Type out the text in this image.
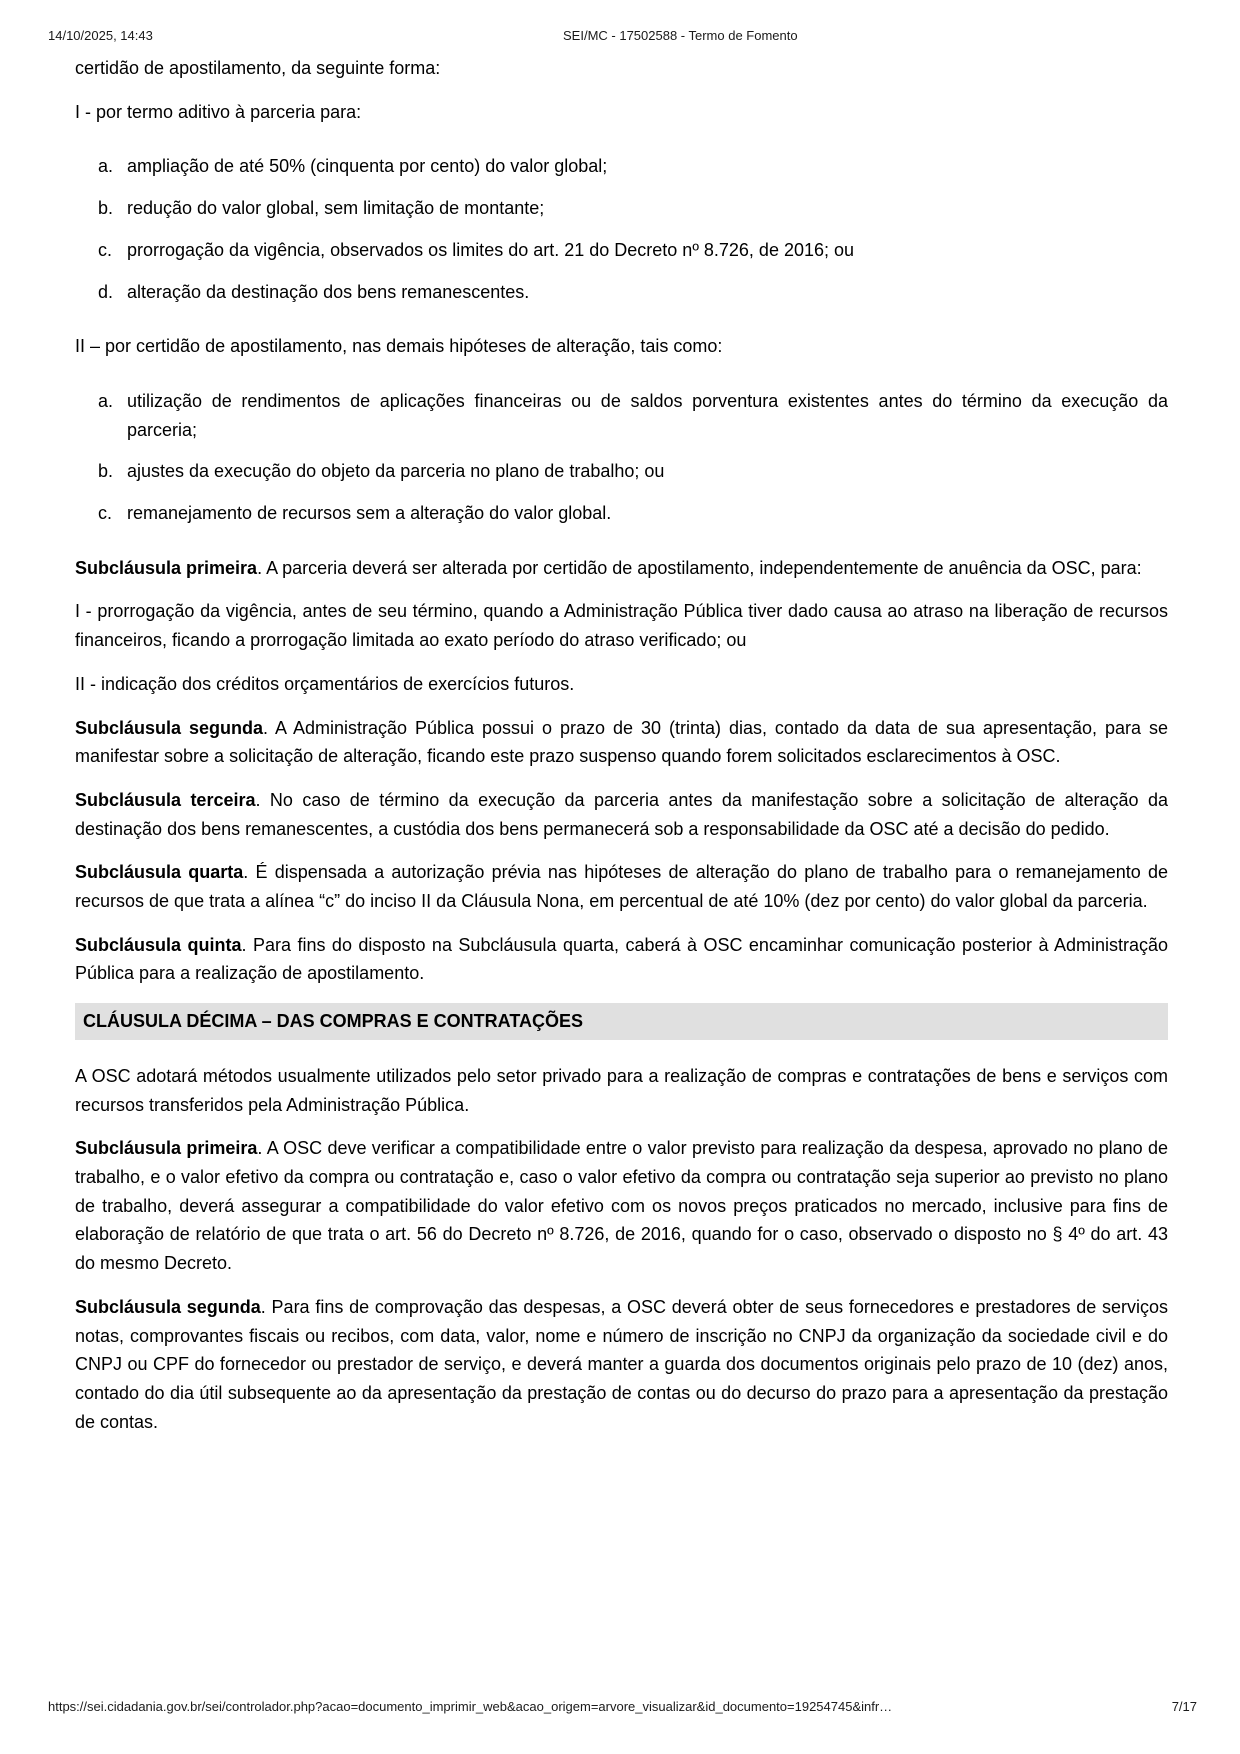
14/10/2025, 14:43	SEI/MC - 17502588 - Termo de Fomento

certidão de apostilamento, da seguinte forma:

I - por termo aditivo à parceria para:

ampliação de até 50% (cinquenta por cento) do valor global;
redução do valor global, sem limitação de montante;
prorrogação da vigência, observados os limites do art. 21 do Decreto nº 8.726, de 2016; ou
alteração da destinação dos bens remanescentes.

II – por certidão de apostilamento, nas demais hipóteses de alteração, tais como:

utilização de rendimentos de aplicações financeiras ou de saldos porventura existentes antes do término da execução da parceria;
ajustes da execução do objeto da parceria no plano de trabalho; ou
remanejamento de recursos sem a alteração do valor global.

Subcláusula primeira. A parceria deverá ser alterada por certidão de apostilamento, independentemente de anuência da OSC, para:

I - prorrogação da vigência, antes de seu término, quando a Administração Pública tiver dado causa ao atraso na liberação de recursos financeiros, ficando a prorrogação limitada ao exato período do atraso verificado; ou

II - indicação dos créditos orçamentários de exercícios futuros.

Subcláusula segunda. A Administração Pública possui o prazo de 30 (trinta) dias, contado da data de sua apresentação, para se manifestar sobre a solicitação de alteração, ficando este prazo suspenso quando forem solicitados esclarecimentos à OSC.

Subcláusula terceira. No caso de término da execução da parceria antes da manifestação sobre a solicitação de alteração da destinação dos bens remanescentes, a custódia dos bens permanecerá sob a responsabilidade da OSC até a decisão do pedido.

Subcláusula quarta. É dispensada a autorização prévia nas hipóteses de alteração do plano de trabalho para o remanejamento de recursos de que trata a alínea “c” do inciso II da Cláusula Nona, em percentual de até 10% (dez por cento) do valor global da parceria.

Subcláusula quinta. Para fins do disposto na Subcláusula quarta, caberá à OSC encaminhar comunicação posterior à Administração Pública para a realização de apostilamento.

CLÁUSULA DÉCIMA – DAS COMPRAS E CONTRATAÇÕES

A OSC adotará métodos usualmente utilizados pelo setor privado para a realização de compras e contratações de bens e serviços com recursos transferidos pela Administração Pública.

Subcláusula primeira. A OSC deve verificar a compatibilidade entre o valor previsto para realização da despesa, aprovado no plano de trabalho, e o valor efetivo da compra ou contratação e, caso o valor efetivo da compra ou contratação seja superior ao previsto no plano de trabalho, deverá assegurar a compatibilidade do valor efetivo com os novos preços praticados no mercado, inclusive para fins de elaboração de relatório de que trata o art. 56 do Decreto nº 8.726, de 2016, quando for o caso, observado o disposto no § 4º do art. 43 do mesmo Decreto.

Subcláusula segunda. Para fins de comprovação das despesas, a OSC deverá obter de seus fornecedores e prestadores de serviços notas, comprovantes fiscais ou recibos, com data, valor, nome e número de inscrição no CNPJ da organização da sociedade civil e do CNPJ ou CPF do fornecedor ou prestador de serviço, e deverá manter a guarda dos documentos originais pelo prazo de 10 (dez) anos, contado do dia útil subsequente ao da apresentação da prestação de contas ou do decurso do prazo para a apresentação da prestação de contas.

https://sei.cidadania.gov.br/sei/controlador.php?acao=documento_imprimir_web&acao_origem=arvore_visualizar&id_documento=19254745&infr…	7/17
